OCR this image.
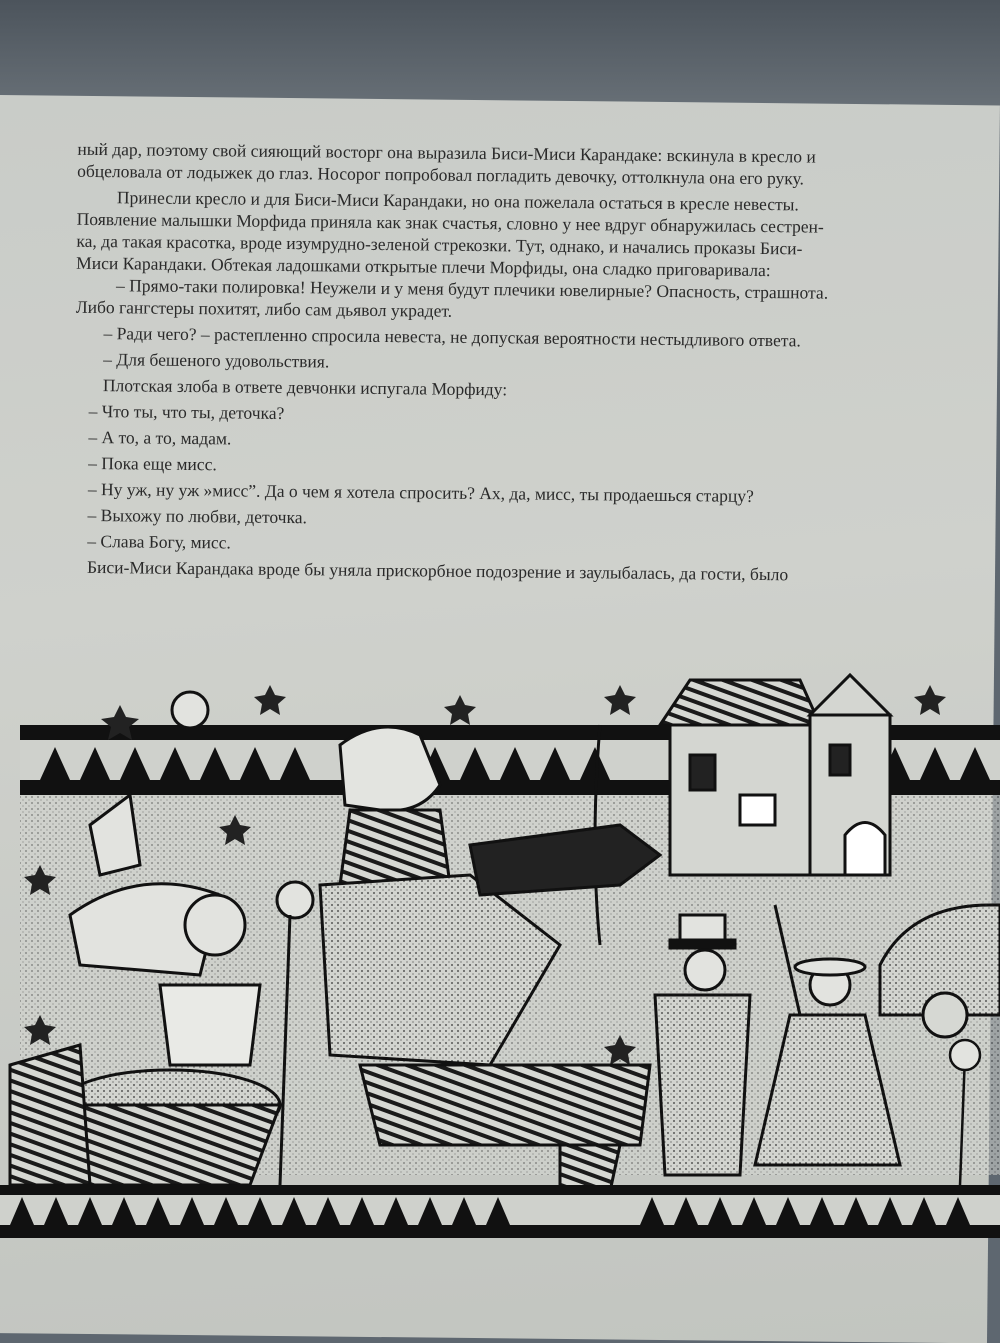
ный дар, поэтому свой сияющий восторг она выразила Биси-Миси Карандаке: вскинула в кресло и

обцеловала от лодыжек до глаз. Носорог попробовал погладить девочку, оттолкнула она его руку.

Принесли кресло и для Биси-Миси Карандаки, но она пожелала остаться в кресле невесты.

Появление малышки Морфида приняла как знак счастья, словно у нее вдруг обнаружилась сестрен-

ка, да такая красотка, вроде изумрудно-зеленой стрекозки. Тут, однако, и начались проказы Биси-

Миси Карандаки. Обтекая ладошками открытые плечи Морфиды, она сладко приговаривала:

– Прямо-таки полировка! Неужели и у меня будут плечики ювелирные? Опасность, страшнота.

Либо гангстеры похитят, либо сам дьявол украдет.

– Ради чего? – растепленно спросила невеста, не допуская вероятности нестыдливого ответа.

– Для бешеного удовольствия.

Плотская злоба в ответе девчонки испугала Морфиду:

– Что ты, что ты, деточка?

– А то, а то, мадам.

– Пока еще мисс.

– Ну уж, ну уж »мисс”. Да о чем я хотела спросить? Ах, да, мисс, ты продаешься старцу?

– Выхожу по любви, деточка.

– Слава Богу, мисс.

Биси-Миси Карандака вроде бы уняла прискорбное подозрение и заулыбалась, да гости, было
